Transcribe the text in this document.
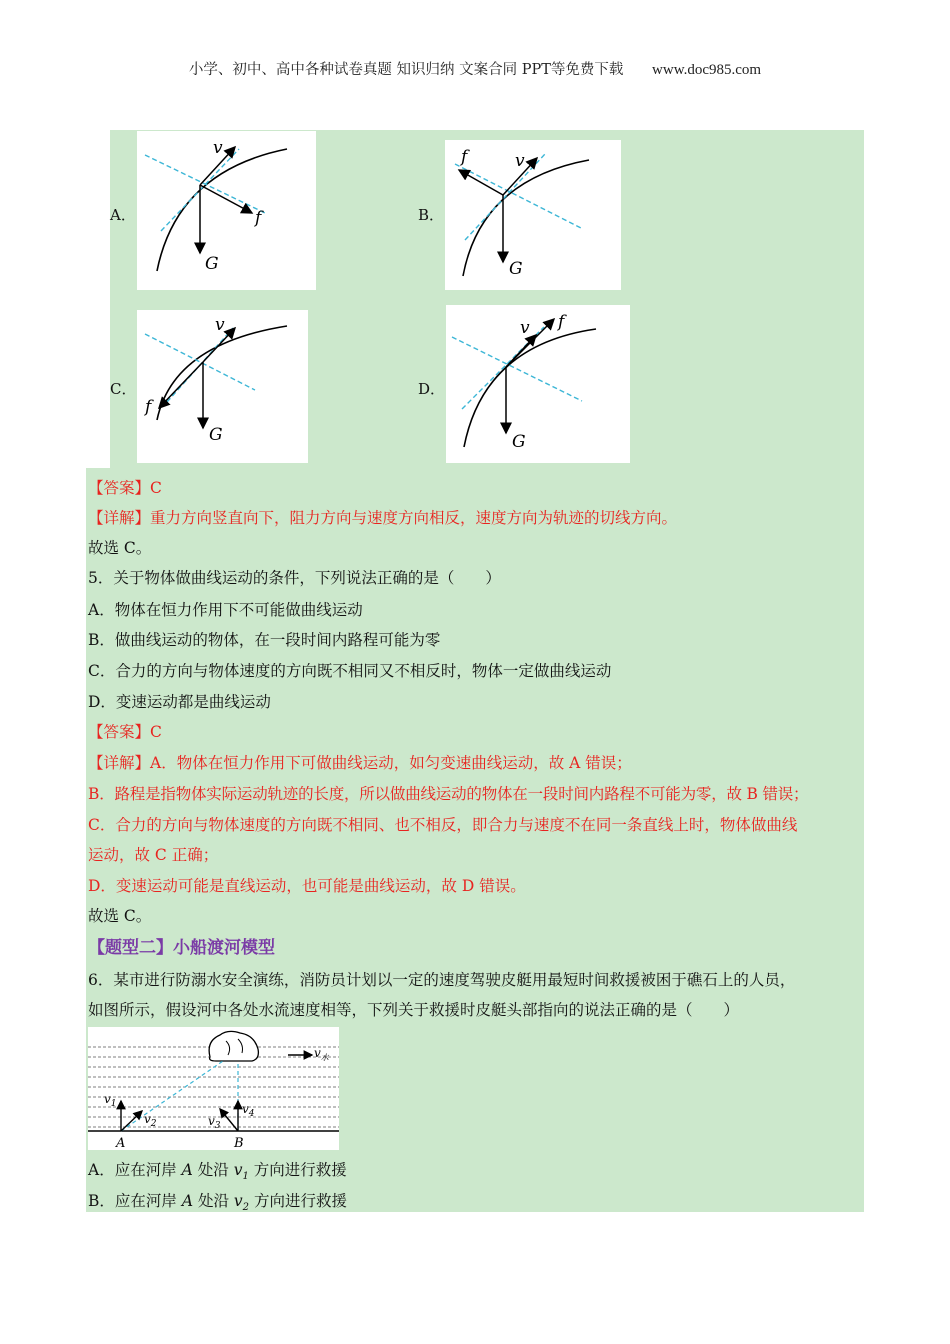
小学、初中、高中各种试卷真题 知识归纳 文案合同 PPT等免费下载 www.doc985.com
A．	B．
C．	D．
v
f
G
v
f
G
v
f
G
v f
G
【答案】C
【详解】重力方向竖直向下，阻力方向与速度方向相反，速度方向为轨迹的切线方向。
故选 C。
5．关于物体做曲线运动的条件，下列说法正确的是（　　）
A．物体在恒力作用下不可能做曲线运动
B．做曲线运动的物体，在一段时间内路程可能为零
C．合力的方向与物体速度的方向既不相同又不相反时，物体一定做曲线运动
D．变速运动都是曲线运动
【答案】C
【详解】A．物体在恒力作用下可做曲线运动，如匀变速曲线运动，故 A 错误；
B．路程是指物体实际运动轨迹的长度，所以做曲线运动的物体在一段时间内路程不可能为零，故 B 错误；
C．合力的方向与物体速度的方向既不相同、也不相反，即合力与速度不在同一条直线上时，物体做曲线
运动，故 C 正确；
D．变速运动可能是直线运动，也可能是曲线运动，故 D 错误。
故选 C。
【题型二】小船渡河模型
6．某市进行防溺水安全演练，消防员计划以一定的速度驾驶皮艇用最短时间救援被困于礁石上的人员，
如图所示，假设河中各处水流速度相等，下列关于救援时皮艇头部指向的说法正确的是（　　）
$v_1$
$v_2$	$v_3$
$v_4$
$v_水$
A	B
A．应在河岸 A 处沿 $v_1$ 方向进行救援
B．应在河岸 A 处沿 $v_2$ 方向进行救援
